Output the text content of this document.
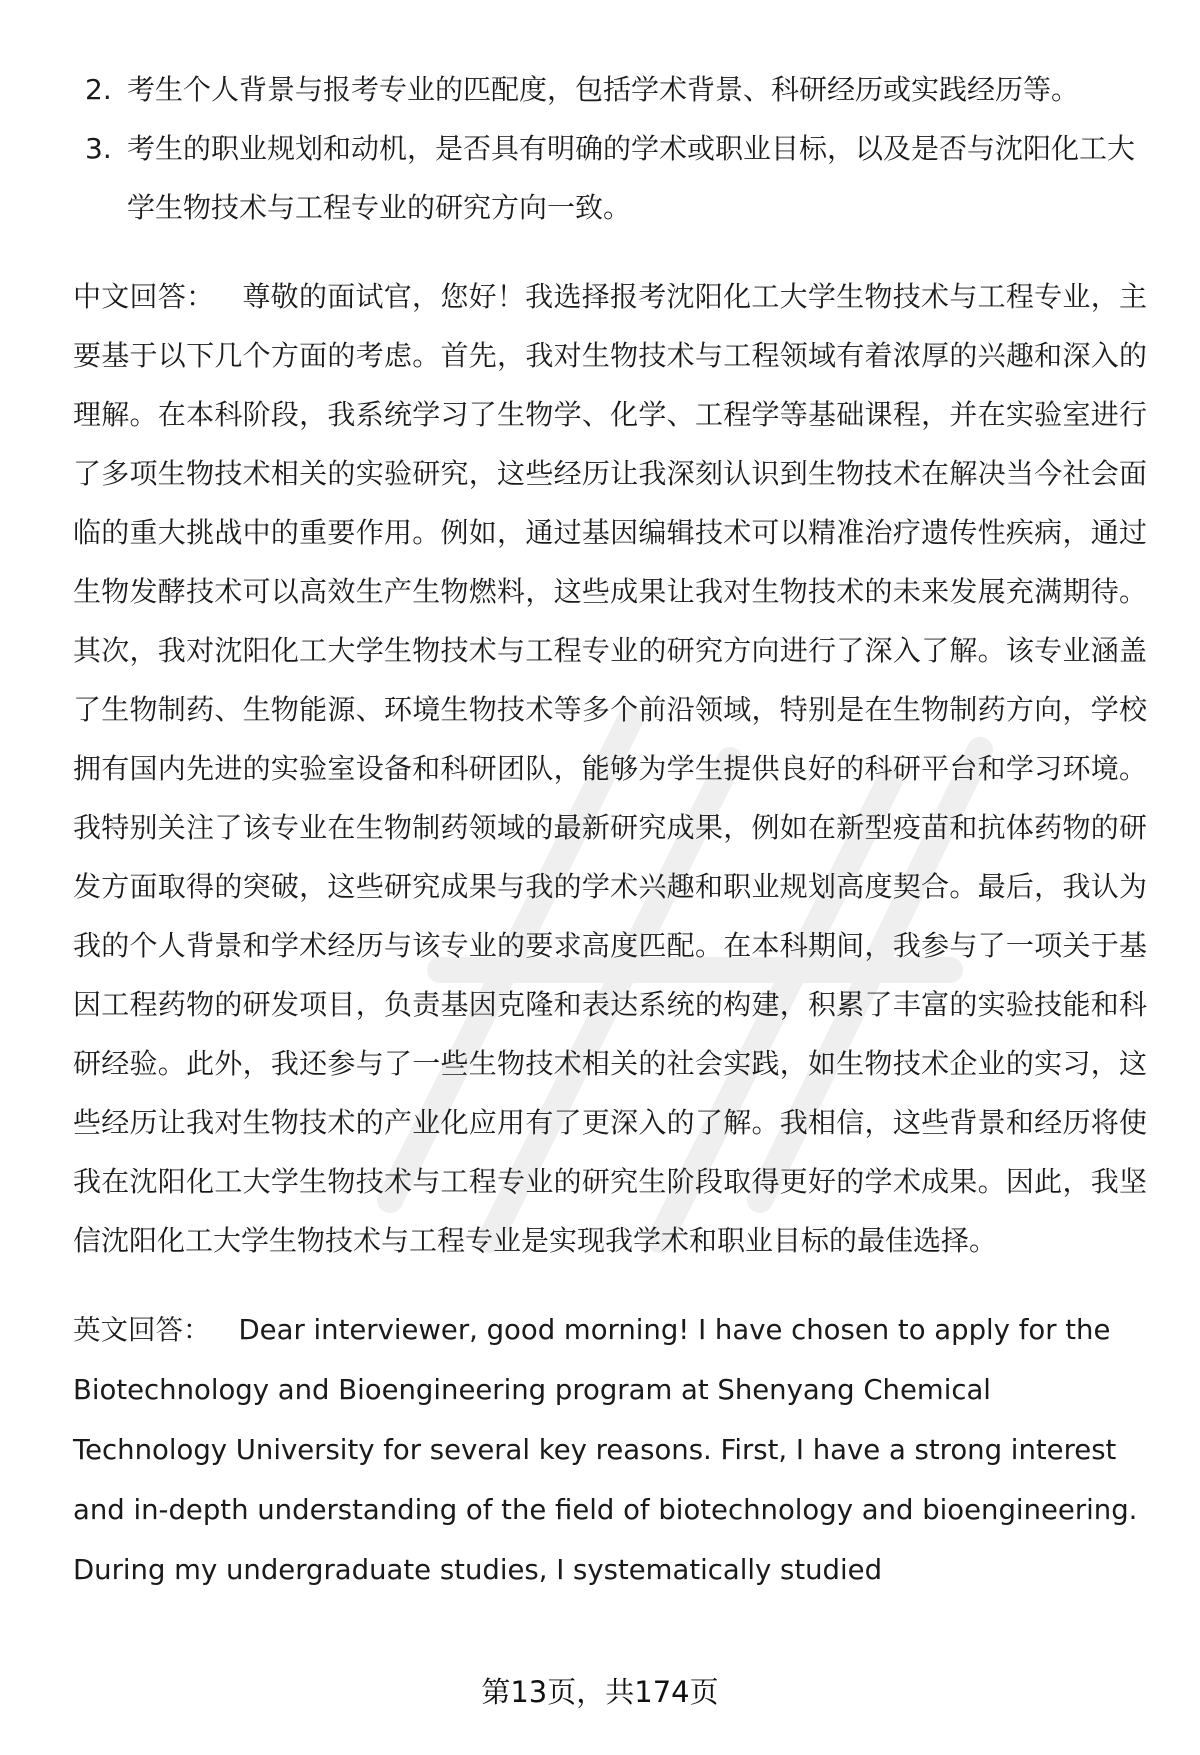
2. 考生个人背景与报考专业的匹配度，包括学术背景、科研经历或实践经历等。
3. 考生的职业规划和动机，是否具有明确的学术或职业目标，以及是否与沈阳化工大学生物技术与工程专业的研究方向一致。

中文回答： 尊敬的面试官，您好！我选择报考沈阳化工大学生物技术与工程专业，主要基于以下几个方面的考虑。首先，我对生物技术与工程领域有着浓厚的兴趣和深入的理解。在本科阶段，我系统学习了生物学、化学、工程学等基础课程，并在实验室进行了多项生物技术相关的实验研究，这些经历让我深刻认识到生物技术在解决当今社会面临的重大挑战中的重要作用。例如，通过基因编辑技术可以精准治疗遗传性疾病，通过生物发酵技术可以高效生产生物燃料，这些成果让我对生物技术的未来发展充满期待。其次，我对沈阳化工大学生物技术与工程专业的研究方向进行了深入了解。该专业涵盖了生物制药、生物能源、环境生物技术等多个前沿领域，特别是在生物制药方向，学校拥有国内先进的实验室设备和科研团队，能够为学生提供良好的科研平台和学习环境。我特别关注了该专业在生物制药领域的最新研究成果，例如在新型疫苗和抗体药物的研发方面取得的突破，这些研究成果与我的学术兴趣和职业规划高度契合。最后，我认为我的个人背景和学术经历与该专业的要求高度匹配。在本科期间，我参与了一项关于基因工程药物的研发项目，负责基因克隆和表达系统的构建，积累了丰富的实验技能和科研经验。此外，我还参与了一些生物技术相关的社会实践，如生物技术企业的实习，这些经历让我对生物技术的产业化应用有了更深入的了解。我相信，这些背景和经历将使我在沈阳化工大学生物技术与工程专业的研究生阶段取得更好的学术成果。因此，我坚信沈阳化工大学生物技术与工程专业是实现我学术和职业目标的最佳选择。

英文回答： Dear interviewer, good morning! I have chosen to apply for the Biotechnology and Bioengineering program at Shenyang Chemical Technology University for several key reasons. First, I have a strong interest and in-depth understanding of the field of biotechnology and bioengineering. During my undergraduate studies, I systematically studied

第13页，共174页
